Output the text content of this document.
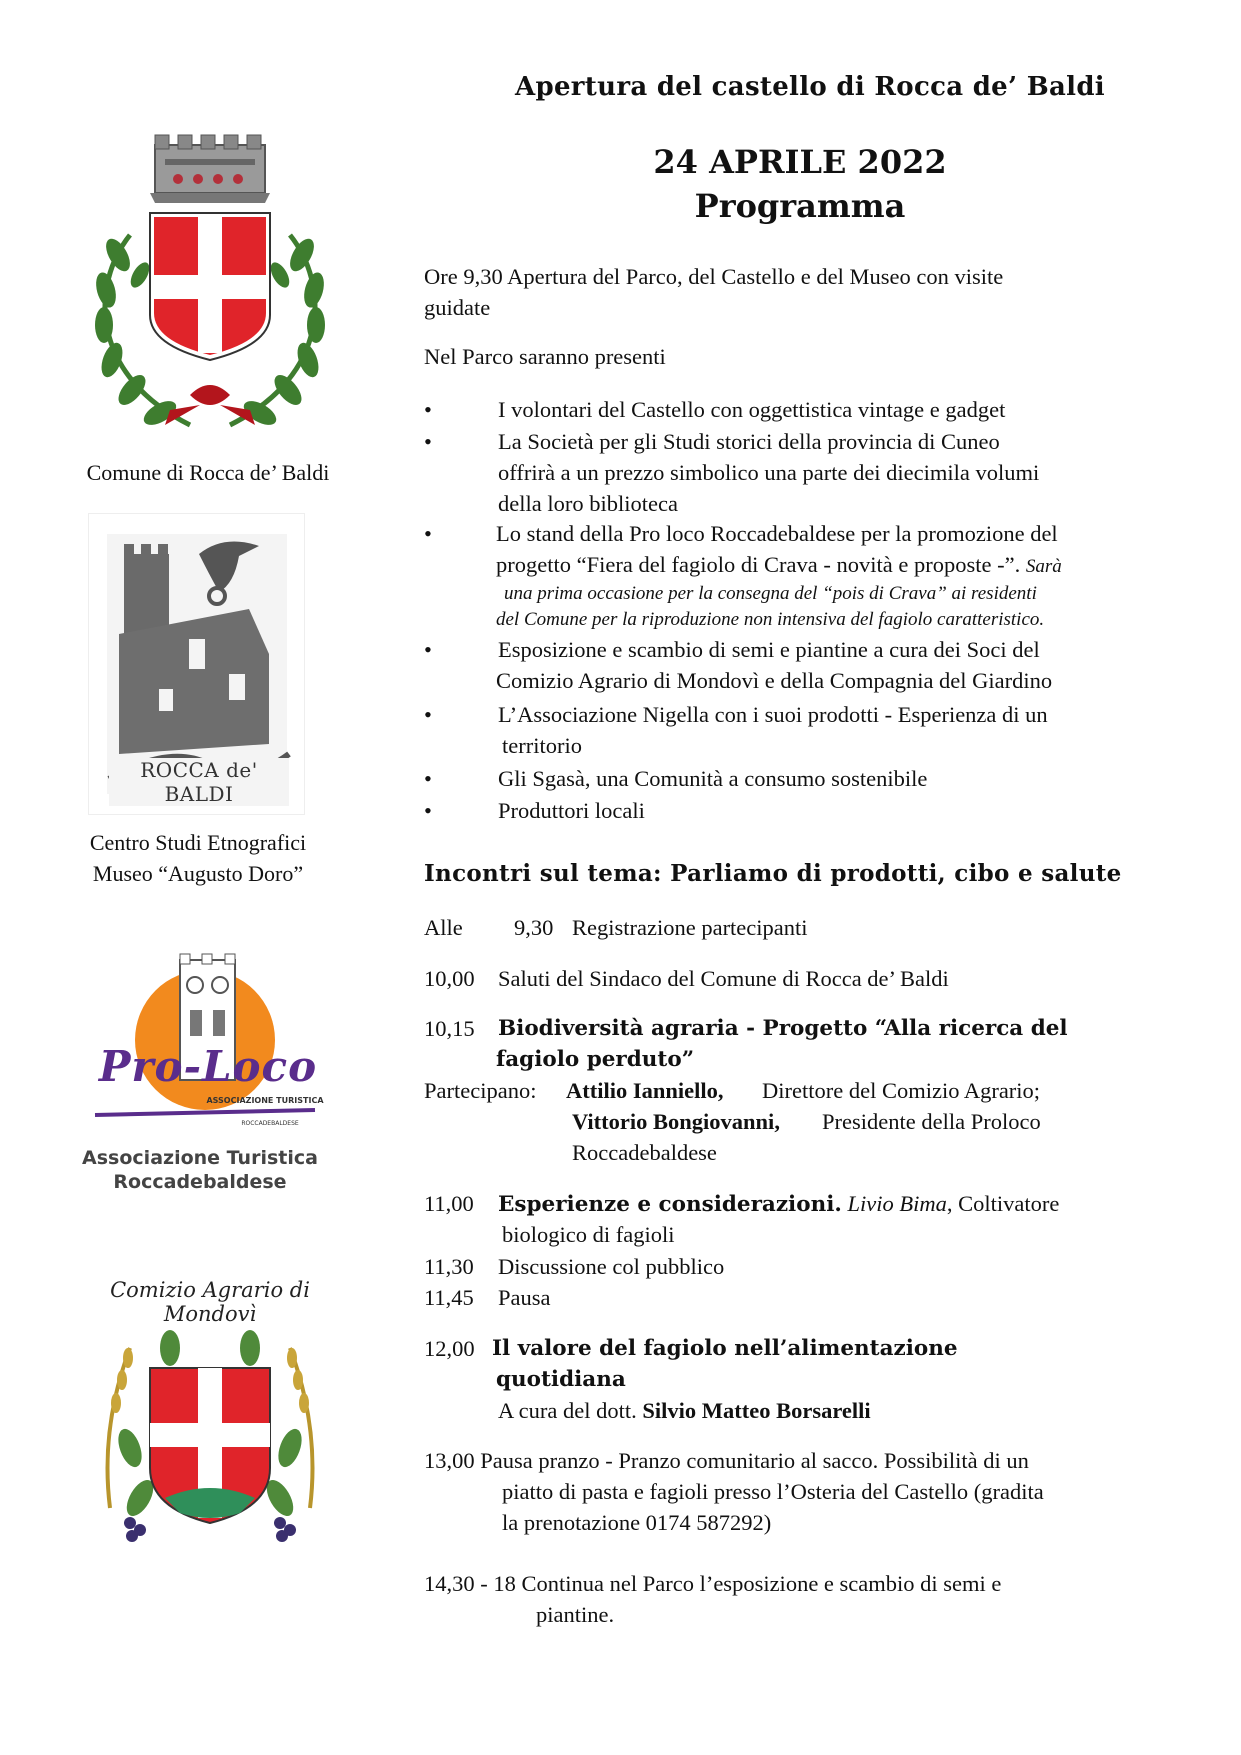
Comune di Rocca de’ Baldi
ROCCA de' BALDI
Centro Studi Etnografici
Museo “Augusto Doro”
Pro-Loco
ASSOCIAZIONE TURISTICA
ROCCADEBALDESE
Associazione Turistica
Roccadebaldese
Comizio Agrario di Mondovì
Apertura del castello di Rocca de’ Baldi
24 APRILE 2022
Programma
Ore 9,30 Apertura del Parco, del Castello e del Museo con visite
guidate
Nel Parco saranno presenti
•	I volontari del Castello con oggettistica vintage e gadget
•	La Società per gli Studi storici della provincia di Cuneo
offrirà a un prezzo simbolico una parte dei diecimila volumi
della loro biblioteca
•	Lo stand della Pro loco Roccadebaldese per la promozione del
progetto “Fiera del fagiolo di Crava - novità e proposte -”. Sarà
una prima occasione per la consegna del “pois di Crava” ai residenti
del Comune per la riproduzione non intensiva del fagiolo caratteristico.
•	Esposizione e scambio di semi e piantine a cura dei Soci del
Comizio Agrario di Mondovì e della Compagnia del Giardino
•	L’Associazione Nigella con i suoi prodotti - Esperienza di un
territorio
•	Gli Sgasà, una Comunità a consumo sostenibile
•	Produttori locali
Incontri sul tema: Parliamo di prodotti, cibo e salute
Alle 9,30 Registrazione partecipanti
10,00 Saluti del Sindaco del Comune di Rocca de’ Baldi
10,15 Biodiversità agraria - Progetto “Alla ricerca del
fagiolo perduto”
Partecipano: Attilio Ianniello, Direttore del Comizio Agrario;
Vittorio Bongiovanni, Presidente della Proloco
Roccadebaldese
11,00 Esperienze e considerazioni. Livio Bima, Coltivatore
biologico di fagioli
11,30 Discussione col pubblico
11,45 Pausa
12,00 Il valore del fagiolo nell’alimentazione
quotidiana
A cura del dott. Silvio Matteo Borsarelli
13,00 Pausa pranzo - Pranzo comunitario al sacco. Possibilità di un
piatto di pasta e fagioli presso l’Osteria del Castello (gradita
la prenotazione 0174 587292)
14,30 - 18 Continua nel Parco l’esposizione e scambio di semi e
piantine.
